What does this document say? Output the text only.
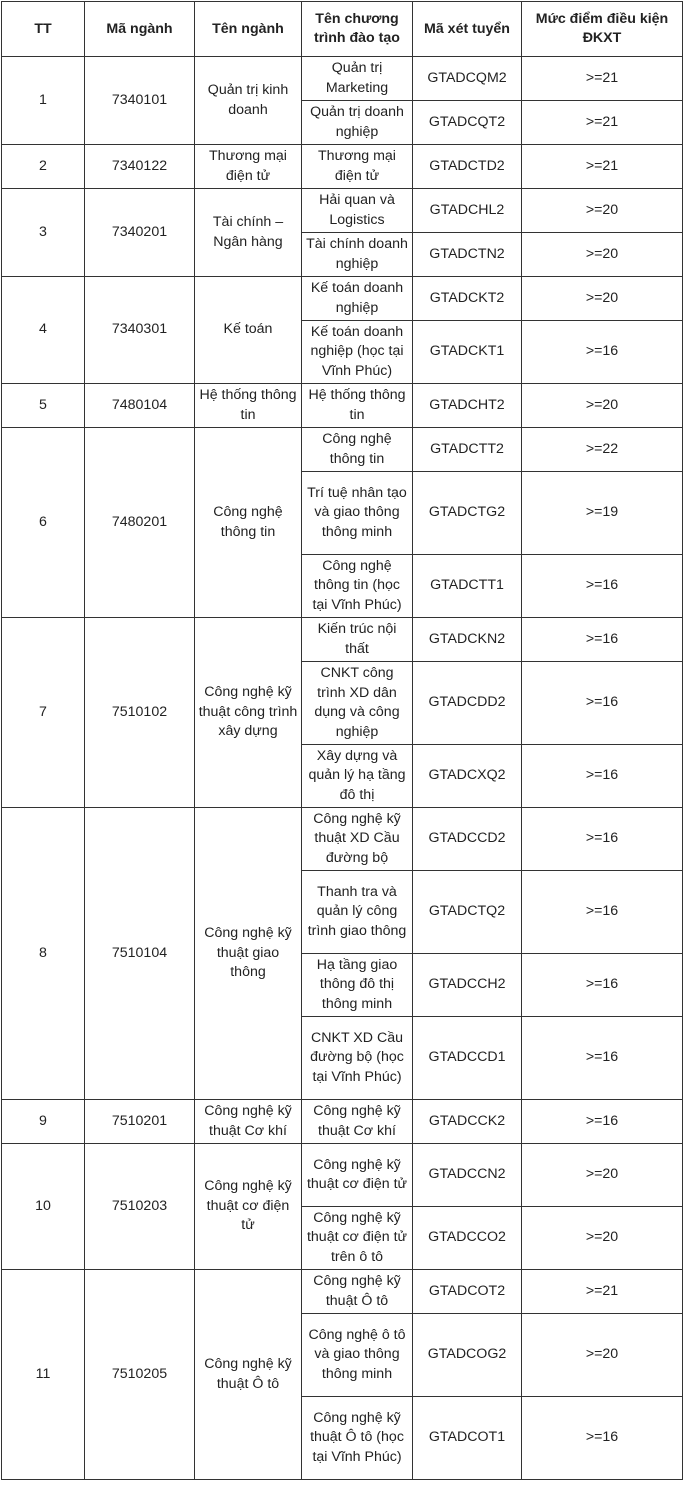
TT	Mã ngành	Tên ngành	Tên chương trình đào tạo	Mã xét tuyển	Mức điểm điều kiện ĐKXT
1	7340101	Quản trị kinh doanh	Quản trị Marketing	GTADCQM2	>=21
			Quản trị doanh nghiệp	GTADCQT2	>=21
2	7340122	Thương mại điện tử	Thương mại điện tử	GTADCTD2	>=21
3	7340201	Tài chính – Ngân hàng	Hải quan và Logistics	GTADCHL2	>=20
			Tài chính doanh nghiệp	GTADCTN2	>=20
4	7340301	Kế toán	Kế toán doanh nghiệp	GTADCKT2	>=20
			Kế toán doanh nghiệp (học tại Vĩnh Phúc)	GTADCKT1	>=16
5	7480104	Hệ thống thông tin	Hệ thống thông tin	GTADCHT2	>=20
6	7480201	Công nghệ thông tin	Công nghệ thông tin	GTADCTT2	>=22
			Trí tuệ nhân tạo và giao thông thông minh	GTADCTG2	>=19
			Công nghệ thông tin (học tại Vĩnh Phúc)	GTADCTT1	>=16
7	7510102	Công nghệ kỹ thuật công trình xây dựng	Kiến trúc nội thất	GTADCKN2	>=16
			CNKT công trình XD dân dụng và công nghiệp	GTADCDD2	>=16
			Xây dựng và quản lý hạ tầng đô thị	GTADCXQ2	>=16
8	7510104	Công nghệ kỹ thuật giao thông	Công nghệ kỹ thuật XD Cầu đường bộ	GTADCCD2	>=16
			Thanh tra và quản lý công trình giao thông	GTADCTQ2	>=16
			Hạ tầng giao thông đô thị thông minh	GTADCCH2	>=16
			CNKT XD Cầu đường bộ (học tại Vĩnh Phúc)	GTADCCD1	>=16
9	7510201	Công nghệ kỹ thuật Cơ khí	Công nghệ kỹ thuật Cơ khí	GTADCCK2	>=16
10	7510203	Công nghệ kỹ thuật cơ điện tử	Công nghệ kỹ thuật cơ điện tử	GTADCCN2	>=20
			Công nghệ kỹ thuật cơ điện tử trên ô tô	GTADCCO2	>=20
11	7510205	Công nghệ kỹ thuật Ô tô	Công nghệ kỹ thuật Ô tô	GTADCOT2	>=21
			Công nghệ ô tô và giao thông thông minh	GTADCOG2	>=20
			Công nghệ kỹ thuật Ô tô (học tại Vĩnh Phúc)	GTADCOT1	>=16
